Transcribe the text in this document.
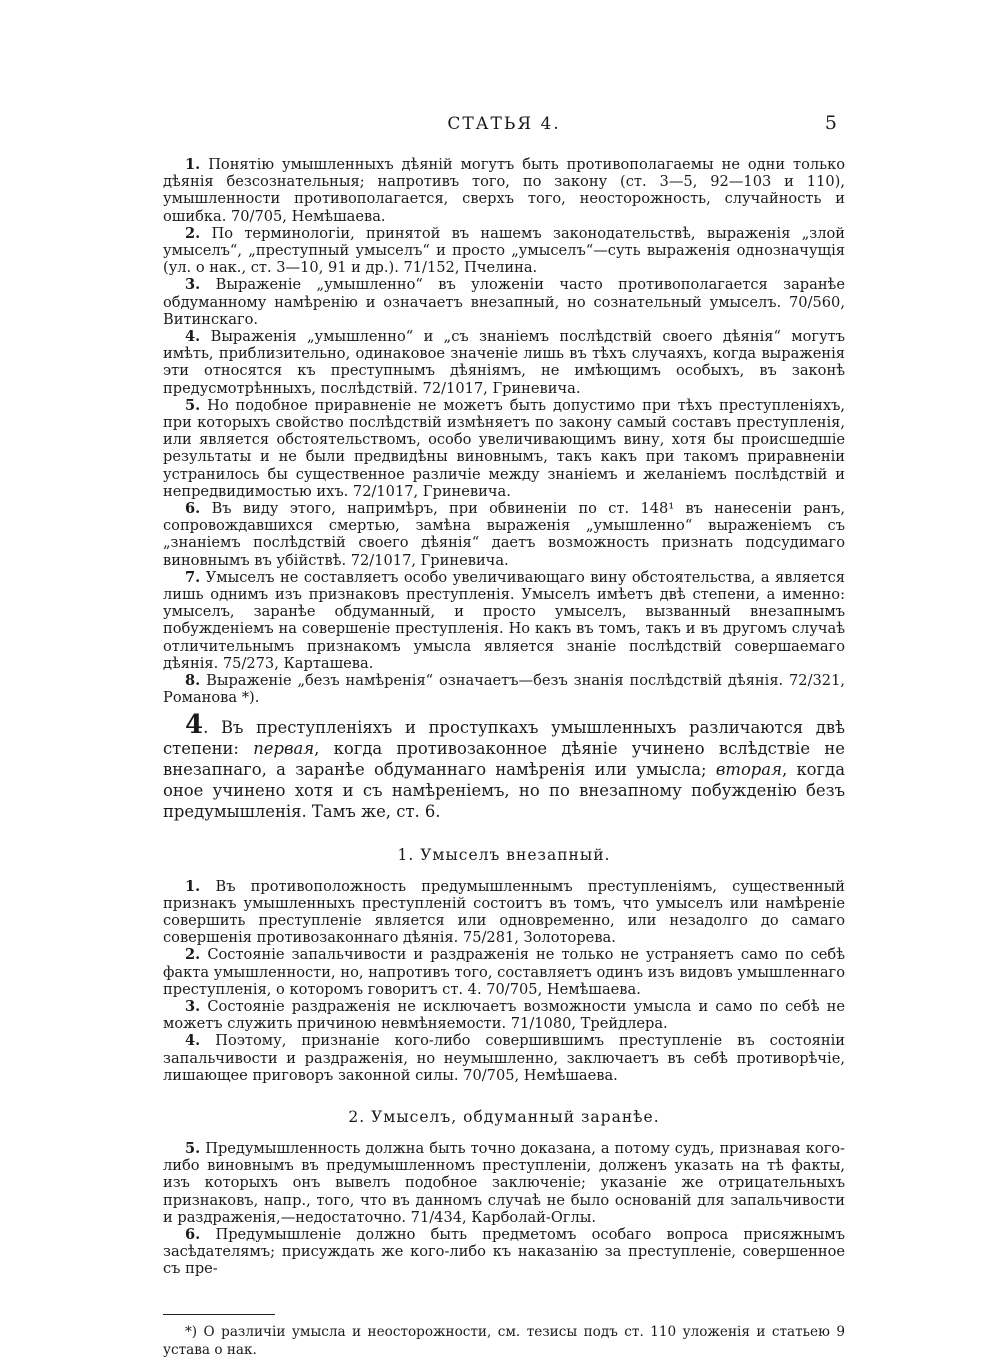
СТАТЬЯ 4.	5

1. Понятію умышленныхъ дѣяній могутъ быть противополагаемы не одни только дѣянія безсознательныя; напротивъ того, по закону (ст. 3—5, 92—103 и 110), умышленности противополагается, сверхъ того, неосторожность, случайность и ошибка. 70/705, Немѣшаева.

2. По терминологіи, принятой въ нашемъ законодательствѣ, выраженія „злой умыселъ“, „преступный умыселъ“ и просто „умыселъ“—суть выраженія однозначущія (ул. о нак., ст. 3—10, 91 и др.). 71/152, Пчелина.

3. Выраженіе „умышленно“ въ уложеніи часто противополагается заранѣе обдуманному намѣренію и означаетъ внезапный, но сознательный умыселъ. 70/560, Витинскаго.

4. Выраженія „умышленно“ и „съ знаніемъ послѣдствій своего дѣянія“ могутъ имѣть, приблизительно, одинаковое значеніе лишь въ тѣхъ случаяхъ, когда выраженія эти относятся къ преступнымъ дѣяніямъ, не имѣющимъ особыхъ, въ законѣ предусмотрѣнныхъ, послѣдствій. 72/1017, Гриневича.

5. Но подобное приравненіе не можетъ быть допустимо при тѣхъ преступленіяхъ, при которыхъ свойство послѣдствій измѣняетъ по закону самый составъ преступленія, или является обстоятельствомъ, особо увеличивающимъ вину, хотя бы происшедшіе результаты и не были предвидѣны виновнымъ, такъ какъ при такомъ приравненіи устранилось бы существенное различіе между знаніемъ и желаніемъ послѣдствій и непредвидимостью ихъ. 72/1017, Гриневича.

6. Въ виду этого, напримѣръ, при обвиненіи по ст. 148¹ въ нанесеніи ранъ, сопровождавшихся смертью, замѣна выраженія „умышленно“ выраженіемъ съ „знаніемъ послѣдствій своего дѣянія“ даетъ возможность признать подсудимаго виновнымъ въ убійствѣ. 72/1017, Гриневича.

7. Умыселъ не составляетъ особо увеличивающаго вину обстоятельства, а является лишь однимъ изъ признаковъ преступленія. Умыселъ имѣетъ двѣ степени, а именно: умыселъ, заранѣе обдуманный, и просто умыселъ, вызванный внезапнымъ побужденіемъ на совершеніе преступленія. Но какъ въ томъ, такъ и въ другомъ случаѣ отличительнымъ признакомъ умысла является знаніе послѣдствій совершаемаго дѣянія. 75/273, Карташева.

8. Выраженіе „безъ намѣренія“ означаетъ—безъ знанія послѣдствій дѣянія. 72/321, Романова *).

4. Въ преступленіяхъ и проступкахъ умышленныхъ различаются двѣ степени: первая, когда противозаконное дѣяніе учинено вслѣдствіе не внезапнаго, а заранѣе обдуманнаго намѣренія или умысла; вторая, когда оное учинено хотя и съ намѣреніемъ, но по внезапному побужденію безъ предумышленія. Тамъ же, ст. 6.
1. Умыселъ внезапный.

1. Въ противоположность предумышленнымъ преступленіямъ, существенный признакъ умышленныхъ преступленій состоитъ въ томъ, что умыселъ или намѣреніе совершить преступленіе является или одновременно, или незадолго до самаго совершенія противозаконнаго дѣянія. 75/281, Золоторева.

2. Состояніе запальчивости и раздраженія не только не устраняетъ само по себѣ факта умышленности, но, напротивъ того, составляетъ одинъ изъ видовъ умышленнаго преступленія, о которомъ говоритъ ст. 4. 70/705, Немѣшаева.

3. Состояніе раздраженія не исключаетъ возможности умысла и само по себѣ не можетъ служить причиною невмѣняемости. 71/1080, Трейдлера.

4. Поэтому, признаніе кого-либо совершившимъ преступленіе въ состояніи запальчивости и раздраженія, но неумышленно, заключаетъ въ себѣ противорѣчіе, лишающее приговоръ законной силы. 70/705, Немѣшаева.

2. Умыселъ, обдуманный заранѣе.

5. Предумышленность должна быть точно доказана, а потому судъ, признавая кого-либо виновнымъ въ предумышленномъ преступленіи, долженъ указать на тѣ факты, изъ которыхъ онъ вывелъ подобное заключеніе; указаніе же отрицательныхъ признаковъ, напр., того, что въ данномъ случаѣ не было основаній для запальчивости и раздраженія,—недостаточно. 71/434, Карболай-Оглы.

6. Предумышленіе должно быть предметомъ особаго вопроса присяжнымъ засѣдателямъ; присуждать же кого-либо къ наказанію за преступленіе, совершенное съ пре-

*) О различіи умысла и неосторожности, см. тезисы подъ ст. 110 уложенія и статьею 9 устава о нак.
